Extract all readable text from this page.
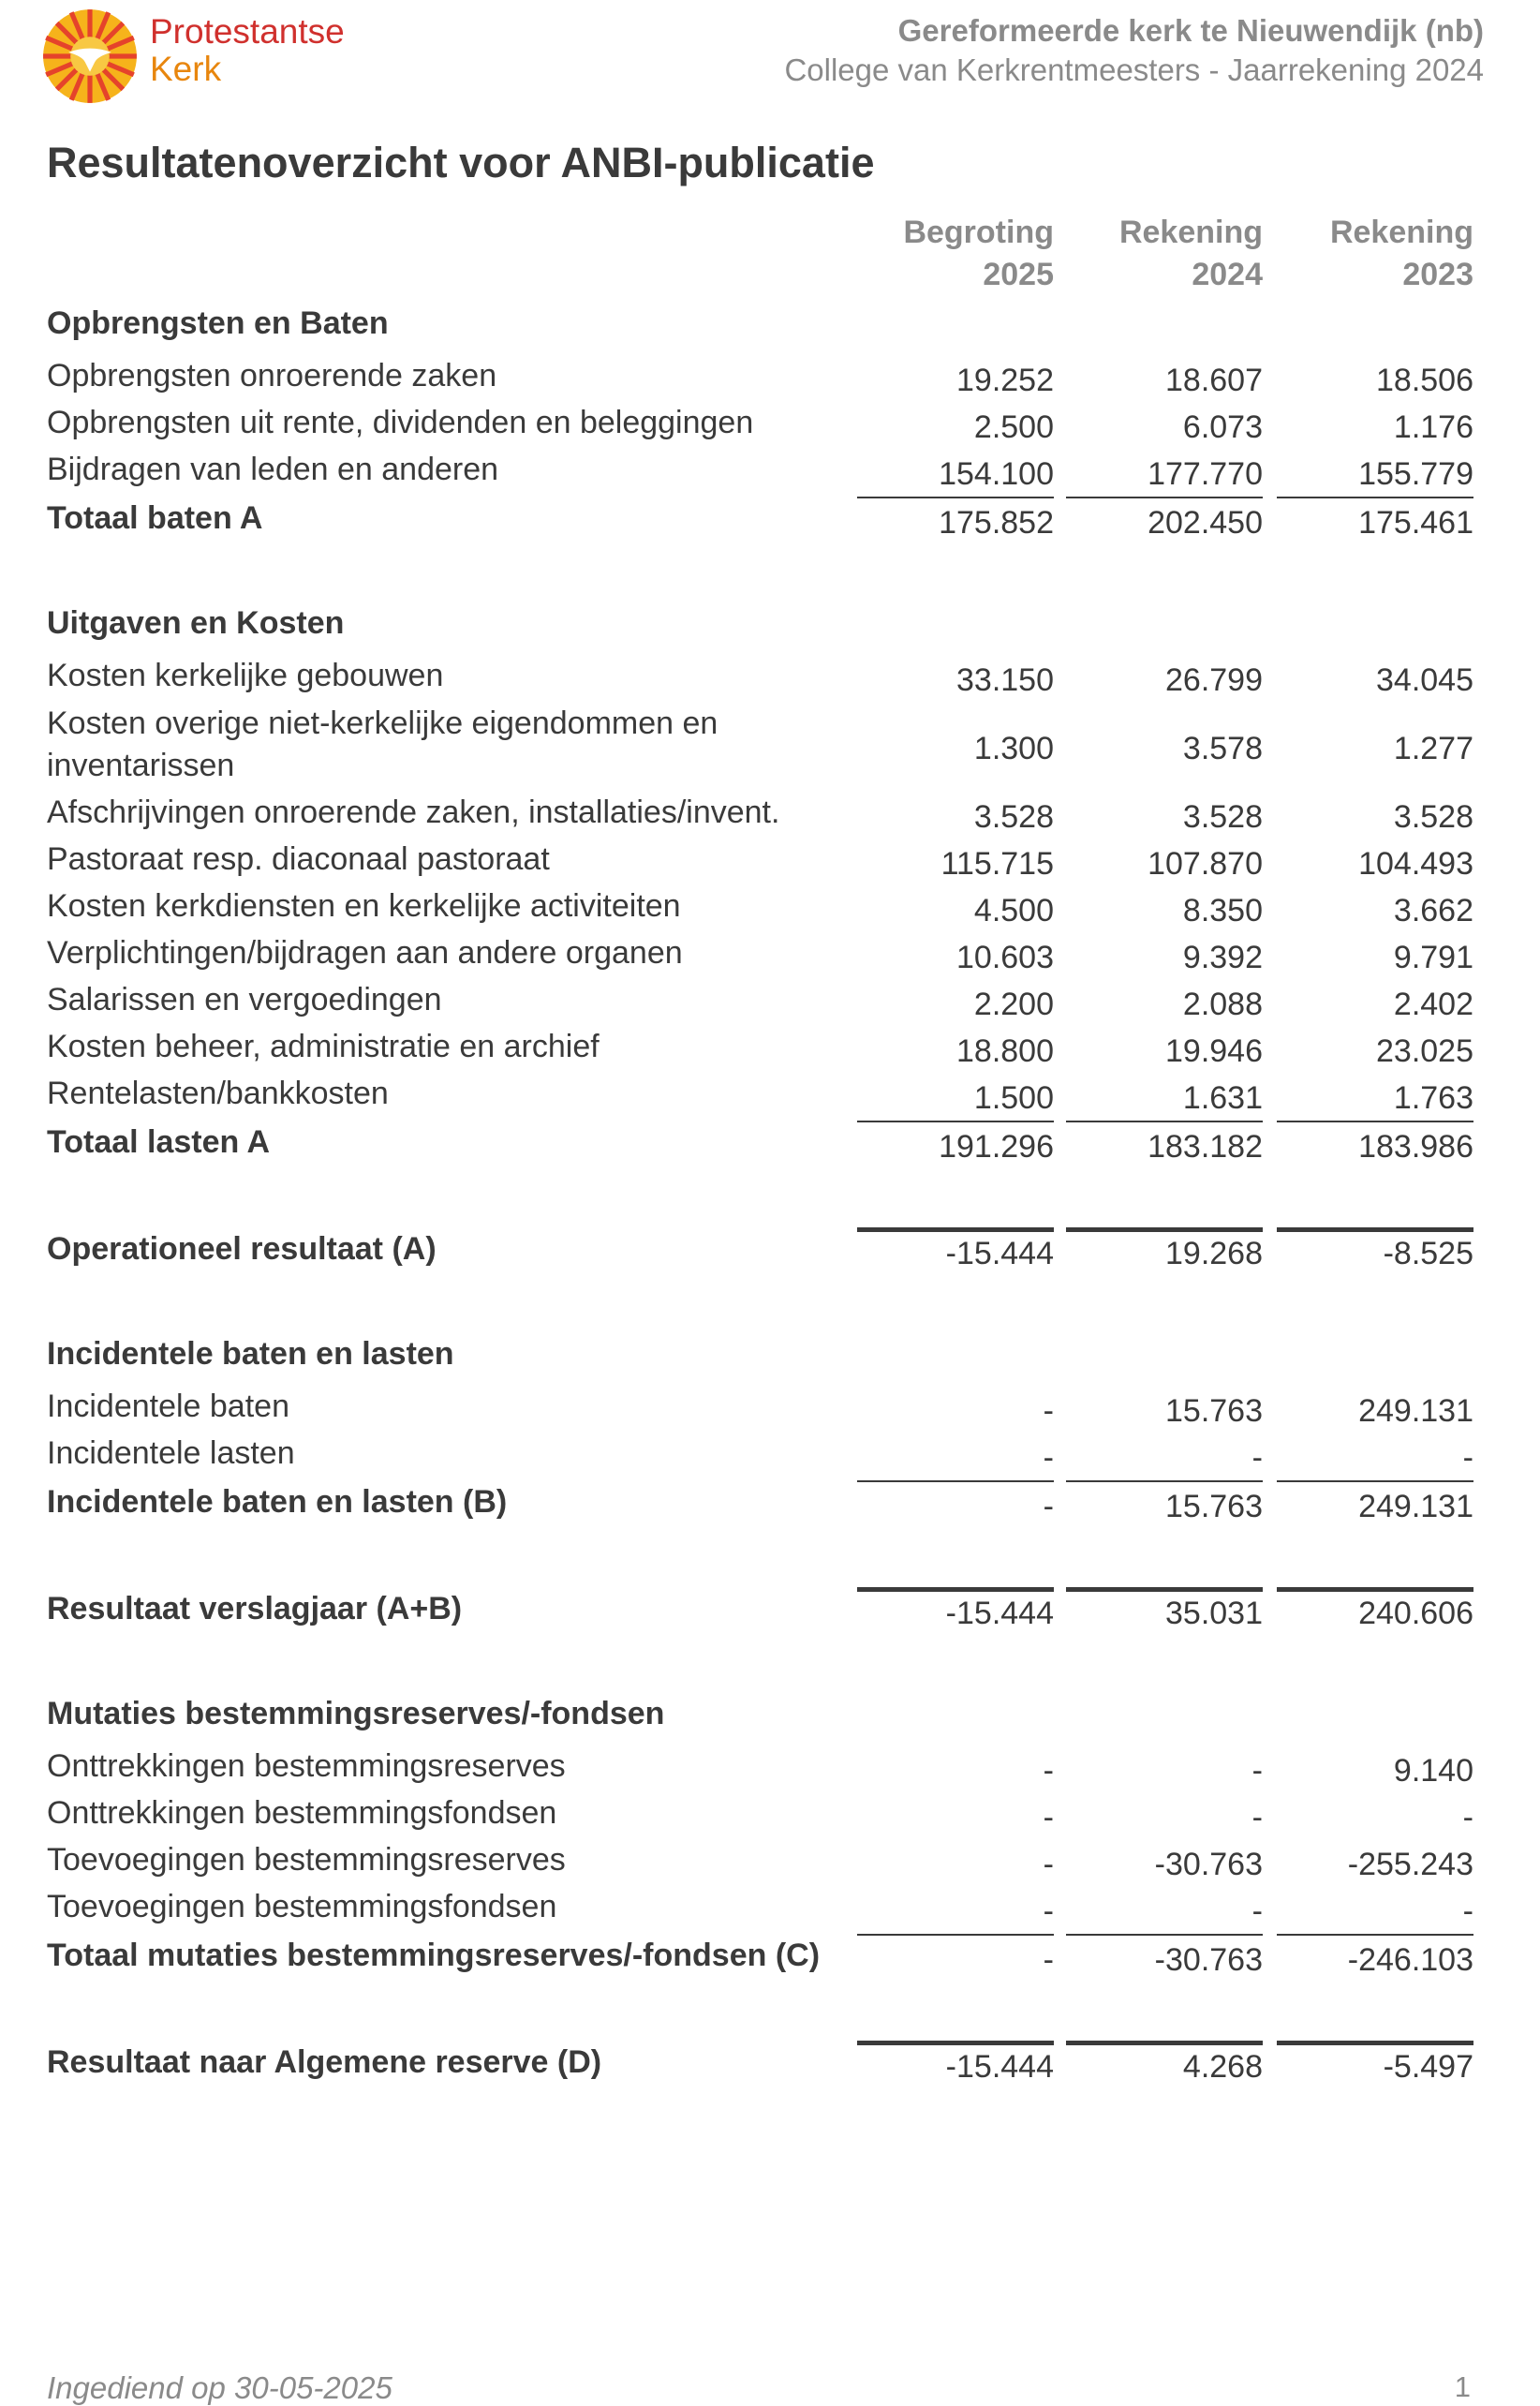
Protestantse
Kerk
Gereformeerde kerk te Nieuwendijk (nb)
College van Kerkrentmeesters - Jaarrekening 2024
Resultatenoverzicht voor ANBI-publicatie
Begroting
2025
Rekening
2024
Rekening
2023
Opbrengsten en Baten
Opbrengsten onroerende zaken	19.252	18.607	18.506
Opbrengsten uit rente, dividenden en beleggingen	2.500	6.073	1.176
Bijdragen van leden en anderen	154.100	177.770	155.779
Totaal baten A	175.852	202.450	175.461
Uitgaven en Kosten
Kosten kerkelijke gebouwen	33.150	26.799	34.045
Kosten overige niet-kerkelijke eigendommen en
inventarissen	1.300	3.578	1.277
Afschrijvingen onroerende zaken, installaties/invent.	3.528	3.528	3.528
Pastoraat resp. diaconaal pastoraat	115.715	107.870	104.493
Kosten kerkdiensten en kerkelijke activiteiten	4.500	8.350	3.662
Verplichtingen/bijdragen aan andere organen	10.603	9.392	9.791
Salarissen en vergoedingen	2.200	2.088	2.402
Kosten beheer, administratie en archief	18.800	19.946	23.025
Rentelasten/bankkosten	1.500	1.631	1.763
Totaal lasten A	191.296	183.182	183.986
Operationeel resultaat (A)	-15.444	19.268	-8.525
Incidentele baten en lasten
Incidentele baten	-	15.763	249.131
Incidentele lasten	-	-	-
Incidentele baten en lasten (B)	-	15.763	249.131
Resultaat verslagjaar (A+B)	-15.444	35.031	240.606
Mutaties bestemmingsreserves/-fondsen
Onttrekkingen bestemmingsreserves	-	-	9.140
Onttrekkingen bestemmingsfondsen	-	-	-
Toevoegingen bestemmingsreserves	-	-30.763	-255.243
Toevoegingen bestemmingsfondsen	-	-	-
Totaal mutaties bestemmingsreserves/-fondsen (C)	-	-30.763	-246.103
Resultaat naar Algemene reserve (D)	-15.444	4.268	-5.497
Ingediend op 30-05-2025	1
